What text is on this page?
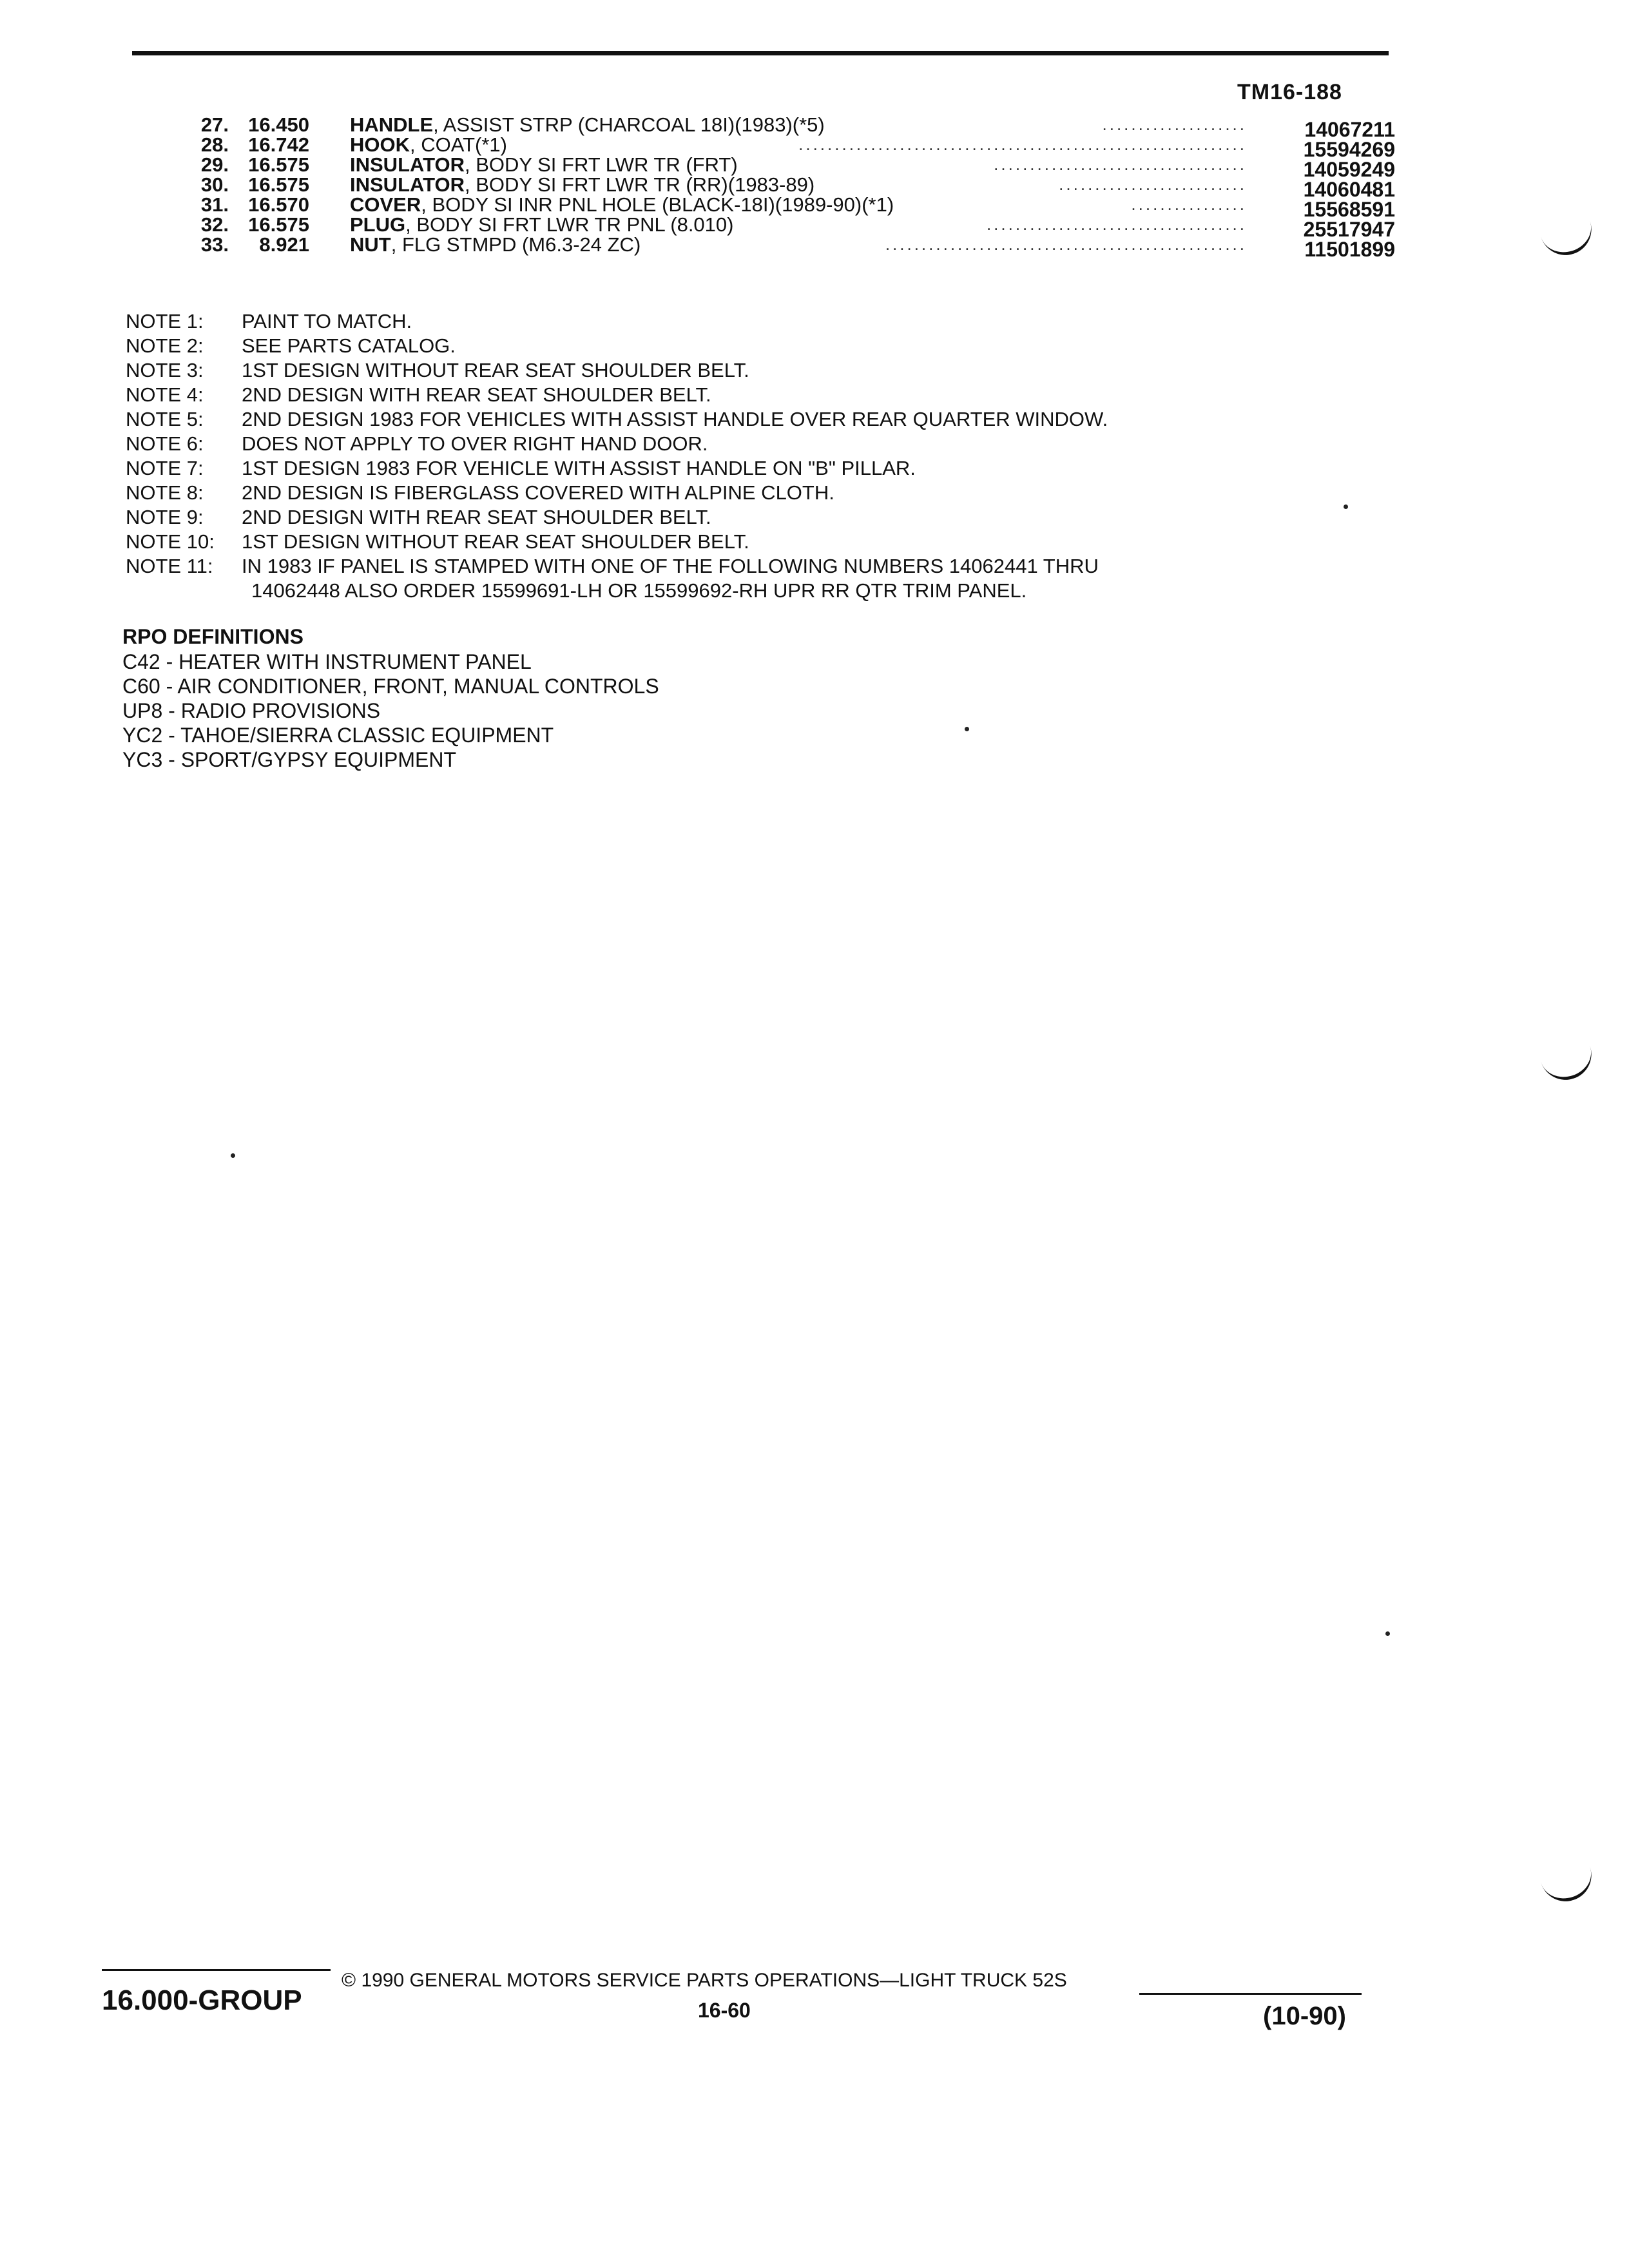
TM16-188
27. 16.450 HANDLE, ASSIST STRP (CHARCOAL 18I)(1983)(*5)	....................	14067211
28. 16.742 HOOK, COAT(*1)	..............................................................	15594269
29. 16.575 INSULATOR, BODY SI FRT LWR TR (FRT)	...................................	14059249
30. 16.575 INSULATOR, BODY SI FRT LWR TR (RR)(1983-89)	..........................	14060481
31. 16.570 COVER, BODY SI INR PNL HOLE (BLACK-18I)(1989-90)(*1)	................	15568591
32. 16.575 PLUG, BODY SI FRT LWR TR PNL (8.010)	....................................	25517947
33.	8.921 NUT, FLG STMPD (M6.3-24 ZC)	..................................................	11501899
NOTE 1:	PAINT TO MATCH.
NOTE 2:	SEE PARTS CATALOG.
NOTE 3:	1ST DESIGN WITHOUT REAR SEAT SHOULDER BELT.
NOTE 4:	2ND DESIGN WITH REAR SEAT SHOULDER BELT.
NOTE 5:	2ND DESIGN 1983 FOR VEHICLES WITH ASSIST HANDLE OVER REAR QUARTER WINDOW.
NOTE 6:	DOES NOT APPLY TO OVER RIGHT HAND DOOR.
NOTE 7:	1ST DESIGN 1983 FOR VEHICLE WITH ASSIST HANDLE ON "B" PILLAR.
NOTE 8:	2ND DESIGN IS FIBERGLASS COVERED WITH ALPINE CLOTH.
NOTE 9:	2ND DESIGN WITH REAR SEAT SHOULDER BELT.
NOTE 10:	1ST DESIGN WITHOUT REAR SEAT SHOULDER BELT.
NOTE 11:	IN 1983 IF PANEL IS STAMPED WITH ONE OF THE FOLLOWING NUMBERS 14062441 THRU
14062448 ALSO ORDER 15599691-LH OR 15599692-RH UPR RR QTR TRIM PANEL.
RPO DEFINITIONS
C42 - HEATER WITH INSTRUMENT PANEL
C60 - AIR CONDITIONER, FRONT, MANUAL CONTROLS
UP8 - RADIO PROVISIONS
YC2 - TAHOE/SIERRA CLASSIC EQUIPMENT
YC3 - SPORT/GYPSY EQUIPMENT
© 1990 GENERAL MOTORS SERVICE PARTS OPERATIONS—LIGHT TRUCK 52S
16.000-GROUP	16-60	(10-90)
